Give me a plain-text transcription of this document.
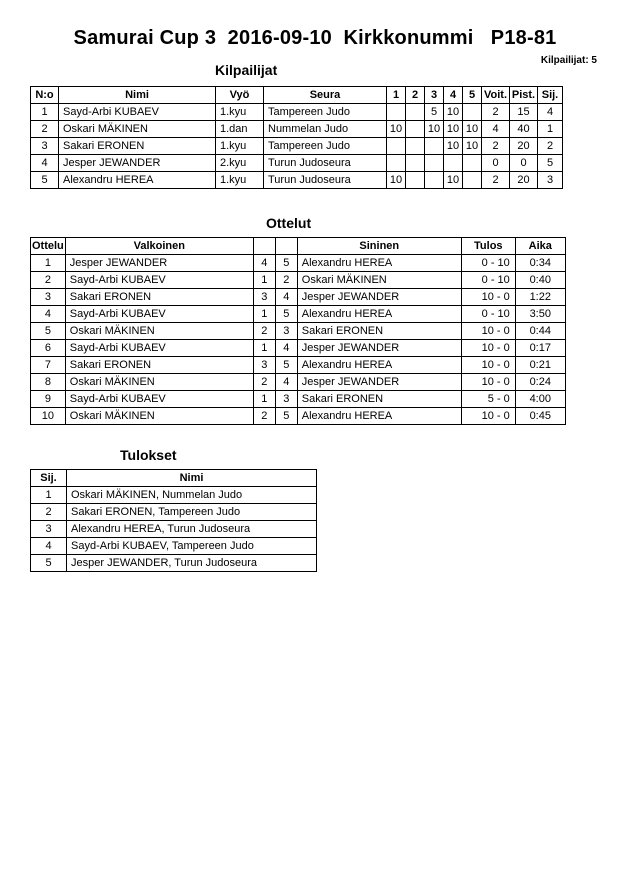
Samurai Cup 3  2016-09-10  Kirkkonummi   P18-81
Kilpailijat: 5
Kilpailijat
N:o	Nimi	Vyö	Seura	1	2	3	4	5	Voit.	Pist.	Sij.
1	Sayd-Arbi KUBAEV	1.kyu	Tampereen Judo			5	10		2	15	4
2	Oskari MÄKINEN	1.dan	Nummelan Judo	10		10	10	10	4	40	1
3	Sakari ERONEN	1.kyu	Tampereen Judo				10	10	2	20	2
4	Jesper JEWANDER	2.kyu	Turun Judoseura						0	0	5
5	Alexandru HEREA	1.kyu	Turun Judoseura	10			10		2	20	3
Ottelut
Ottelu	Valkoinen			Sininen	Tulos	Aika
1	Jesper JEWANDER	4	5	Alexandru HEREA	0 - 10	0:34
2	Sayd-Arbi KUBAEV	1	2	Oskari MÄKINEN	0 - 10	0:40
3	Sakari ERONEN	3	4	Jesper JEWANDER	10 - 0	1:22
4	Sayd-Arbi KUBAEV	1	5	Alexandru HEREA	0 - 10	3:50
5	Oskari MÄKINEN	2	3	Sakari ERONEN	10 - 0	0:44
6	Sayd-Arbi KUBAEV	1	4	Jesper JEWANDER	10 - 0	0:17
7	Sakari ERONEN	3	5	Alexandru HEREA	10 - 0	0:21
8	Oskari MÄKINEN	2	4	Jesper JEWANDER	10 - 0	0:24
9	Sayd-Arbi KUBAEV	1	3	Sakari ERONEN	5 - 0	4:00
10	Oskari MÄKINEN	2	5	Alexandru HEREA	10 - 0	0:45
Tulokset
Sij.	Nimi
1	Oskari MÄKINEN, Nummelan Judo
2	Sakari ERONEN, Tampereen Judo
3	Alexandru HEREA, Turun Judoseura
4	Sayd-Arbi KUBAEV, Tampereen Judo
5	Jesper JEWANDER, Turun Judoseura
